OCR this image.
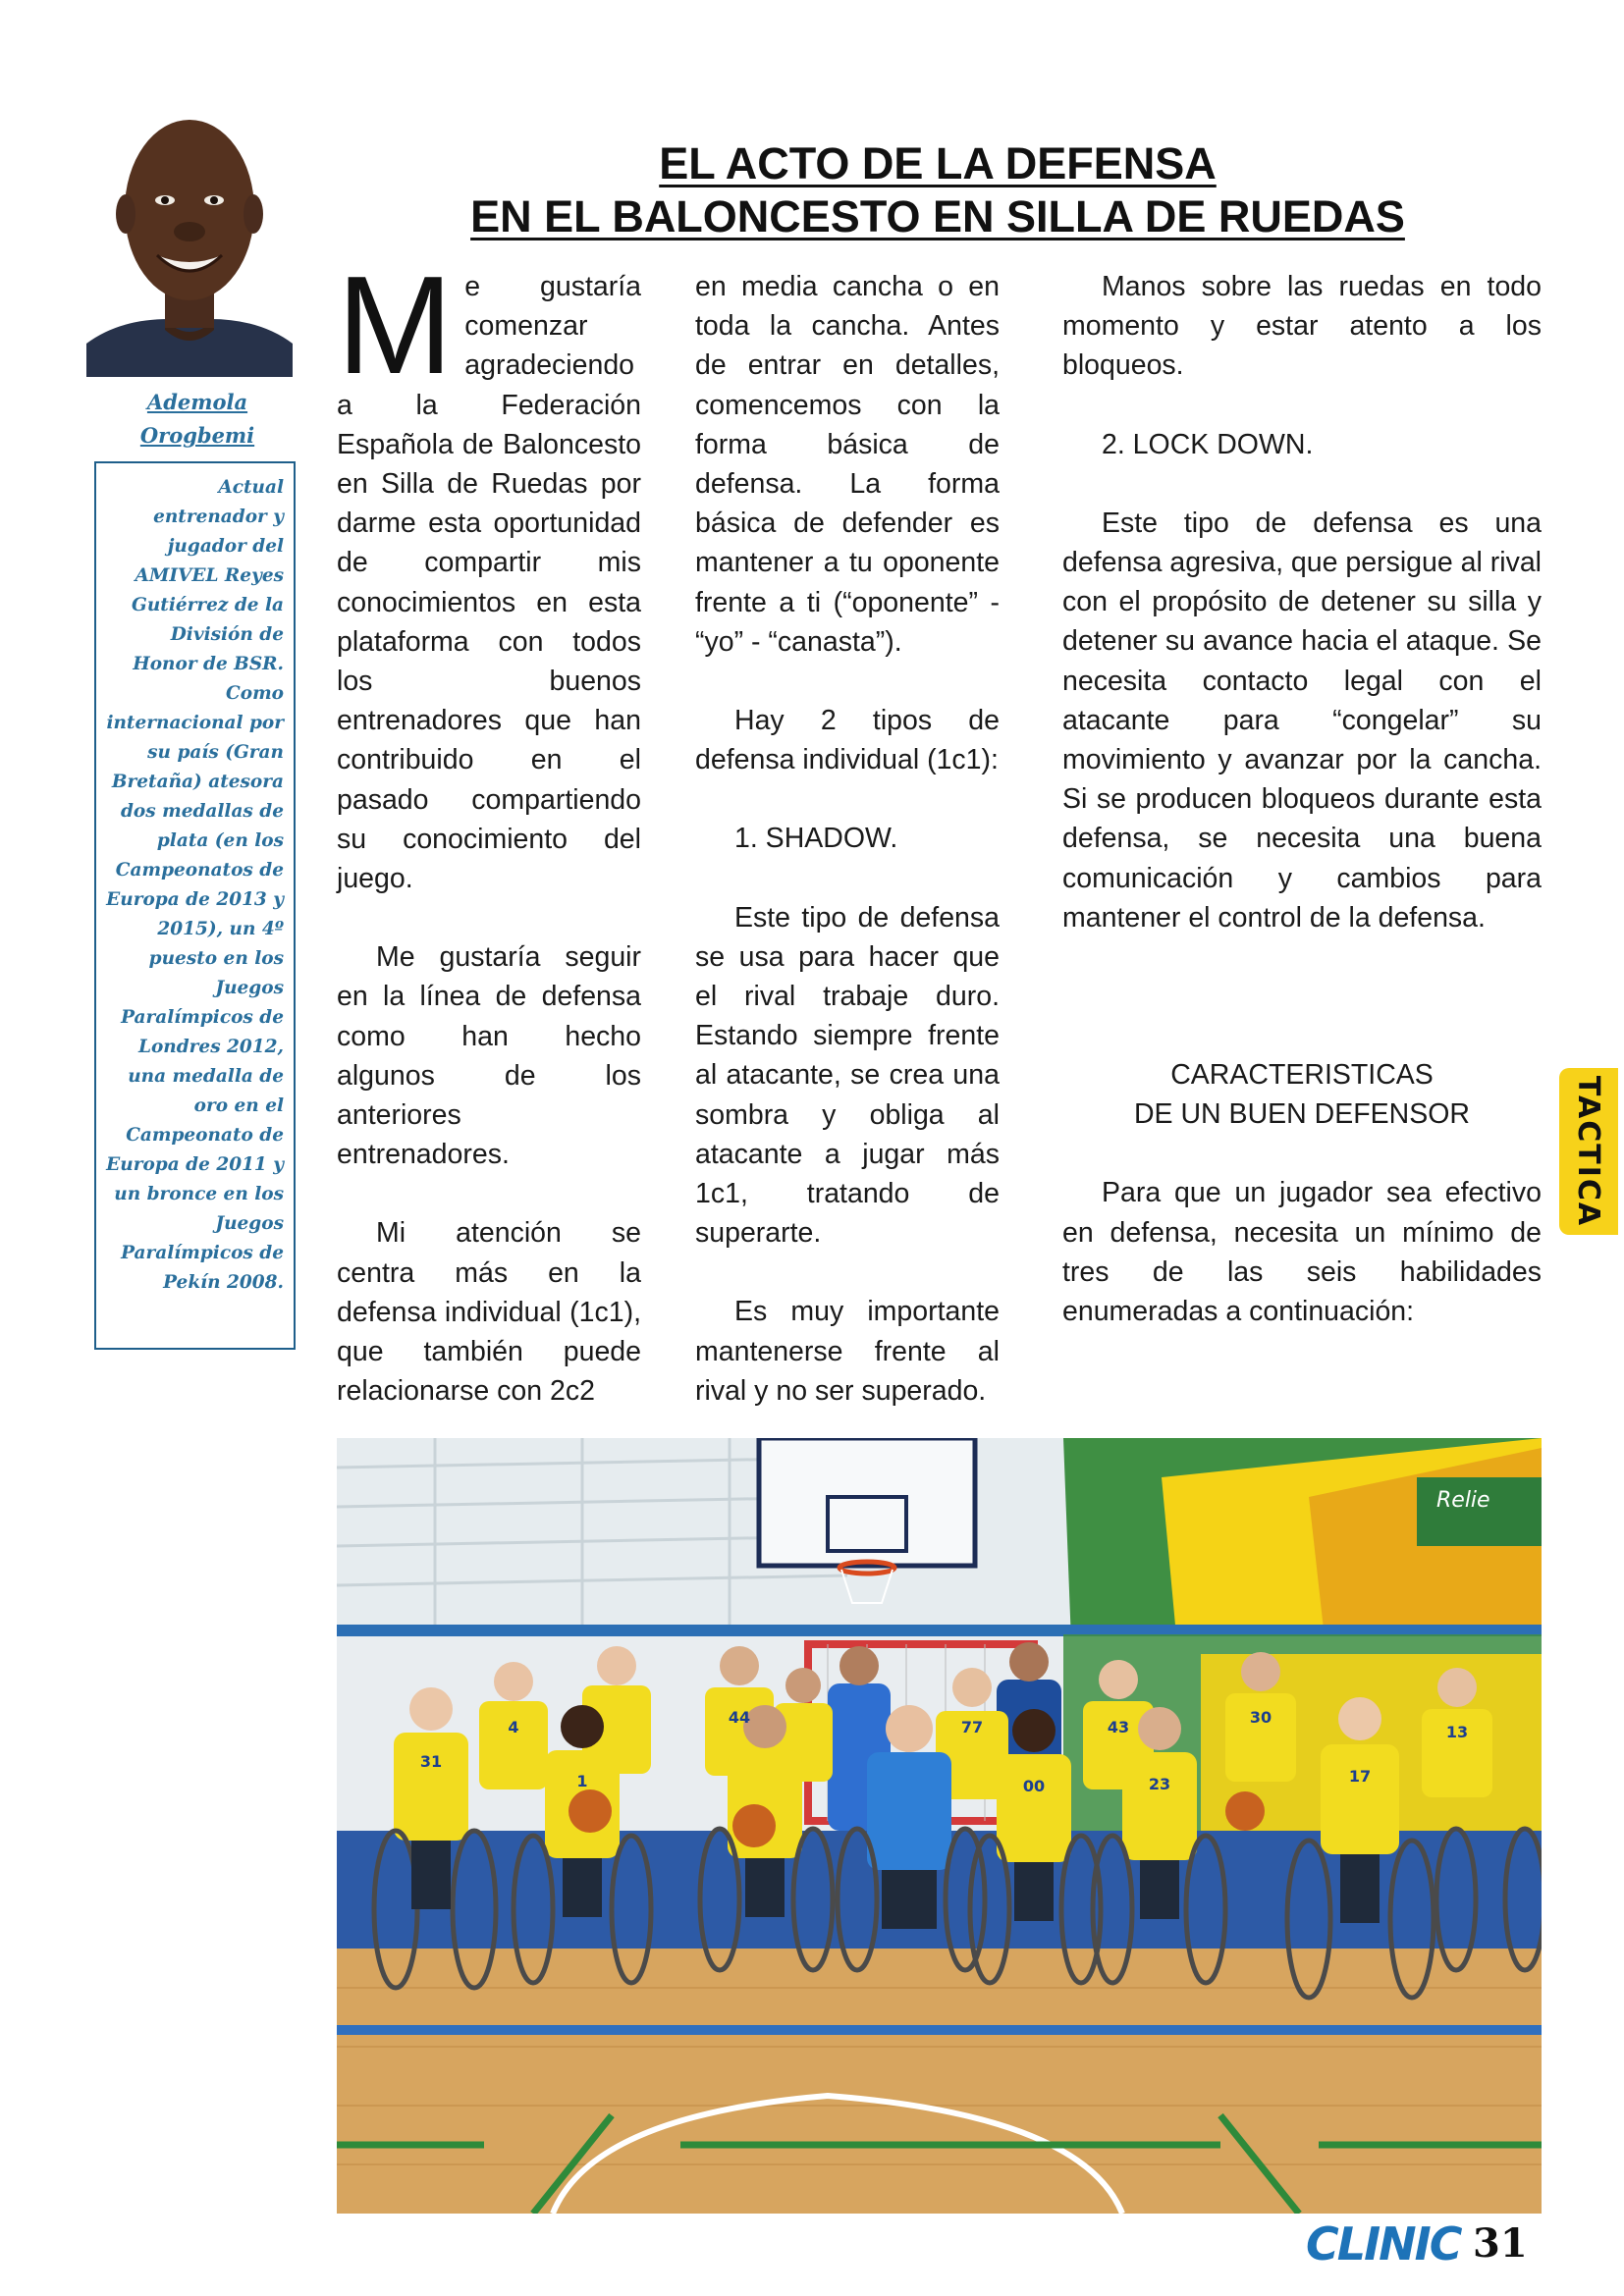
Ademola
Orogbemi

Actual entrenador y jugador del AMIVEL Reyes Gutiérrez de la División de Honor de BSR. Como internacional por su país (Gran Bretaña) atesora dos medallas de plata (en los Campeonatos de Europa de 2013 y 2015), un 4º puesto en los Juegos Paralímpicos de Londres 2012, una medalla de oro en el Campeonato de Europa de 2011 y un bronce en los Juegos Paralímpicos de Pekín 2008.

EL ACTO DE LA DEFENSA
EN EL BALONCESTO EN SILLA DE RUEDAS

Me gustaría comenzar agradeciendo a la Federación Española de Baloncesto en Silla de Ruedas por darme esta oportunidad de compartir mis conocimientos en esta plataforma con todos los buenos entrenadores que han contribuido en el pasado compartiendo su conocimiento del juego.

Me gustaría seguir en la línea de defensa como han hecho algunos de los anteriores entrenadores.

Mi atención se centra más en la defensa individual (1c1), que también puede relacionarse con 2c2

en media cancha o en toda la cancha. Antes de entrar en detalles, comencemos con la forma básica de defensa. La forma básica de defender es mantener a tu oponente frente a ti (“oponente” - “yo” - “canasta”).

Hay 2 tipos de defensa individual (1c1):

1. SHADOW.

Este tipo de defensa se usa para hacer que el rival trabaje duro. Estando siempre frente al atacante, se crea una sombra y obliga al atacante a jugar más 1c1, tratando de superarte.

Es muy importante mantenerse frente al rival y no ser superado.

Manos sobre las ruedas en todo momento y estar atento a los bloqueos.

2. LOCK DOWN.

Este tipo de defensa es una defensa agresiva, que persigue al rival con el propósito de detener su silla y detener su avance hacia el ataque. Se necesita contacto legal con el atacante para “congelar” su movimiento y avanzar por la cancha. Si se producen bloqueos durante esta defensa, se necesita una buena comunicación y cambios para mantener el control de la defensa.

CARACTERISTICAS
DE UN BUEN DEFENSOR

Para que un jugador sea efectivo en defensa, necesita un mínimo de tres de las seis habilidades enumeradas a continuación:

Relie
31
4
44
1
77
00
43
23
30
17
13
TACTICA
CLINIC 31
